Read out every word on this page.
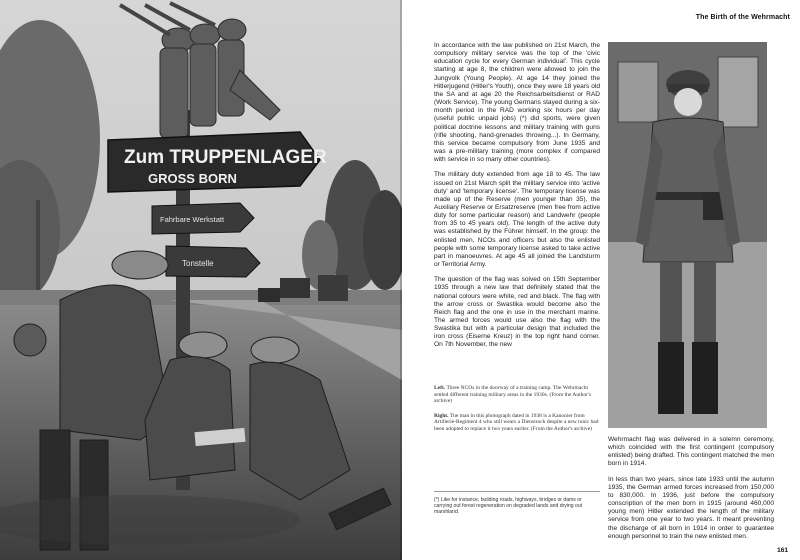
Zum TRUPPENLAGER
GROSS BORN
Fahrbare Werkstatt
Tonstelle
The Birth of the Wehrmacht

In accordance with the law published on 21st March, the compulsory military service was the top of the 'civic education cycle for every German individual'. This cycle starting at age 8, the children were allowed to join the Jungvolk (Young People). At age 14 they joined the Hitlerjugend (Hitler's Youth), once they were 18 years old the SA and at age 20 the Reichsarbeitsdienst or RAD (Work Service). The young Germans stayed during a six-month period in the RAD working six hours per day (useful public unpaid jobs) (*) did sports, were given political doctrine lessons and military training with guns (rifle shooting, hand-grenades throwing...). In Germany, this service became compulsory from June 1935 and was a pre-military training (more complex if compared with service in so many other countries).

The military duty extended from age 18 to 45. The law issued on 21st March split the military service into 'active duty' and 'temporary license'. The temporary license was made up of the Reserve (men younger than 35), the Auxiliary Reserve or Ersatzreserve (men free from active duty for some particular reason) and Landwehr (people from 35 to 45 years old). The length of the active duty was established by the Führer himself. In the group: the enlisted men, NCOs and officers but also the enlisted people with some temporary license asked to take active part in manoeuvres. At age 45 all joined the Landsturm or Territorial Army.

The question of the flag was solved on 15th September 1935 through a new law that definitely stated that the national colours were white, red and black. The flag with the arrow cross or Swastika would become also the Reich flag and the one in use in the merchant marine. The armed forces would use also the flag with the Swastika but with a particular design that included the iron cross (Eiserne Kreuz) in the top right hand corner. On 7th November, the new

Left. Three NCOs in the doorway of a training camp. The Wehrmacht settled different training military areas in the 1930s. (From the Author's archive)

Right. The man in this photograph dated in 1938 is a Kanonier from Artillerie-Regiment 4 who still wears a Dienstrock despite a new tunic had been adopted to replace it two years earlier. (From the Author's archive)

(*) Like for instance, building roads, highways, bridges or dams or carrying out forest regeneration on degraded lands and drying out marshland.

Wehrmacht flag was delivered in a solemn ceremony, which coincided with the first contingent (compulsory enlisted) being drafted. This contingent matched the men born in 1914.

In less than two years, since late 1933 until the autumn 1935, the German armed forces increased from 150,000 to 830,000. In 1936, just before the compulsory conscription of the men born in 1915 (around 460,000 young men) Hitler extended the length of the military service from one year to two years. It meant preventing the discharge of all born in 1914 in order to guarantee enough personnel to train the new enlisted men.

161
